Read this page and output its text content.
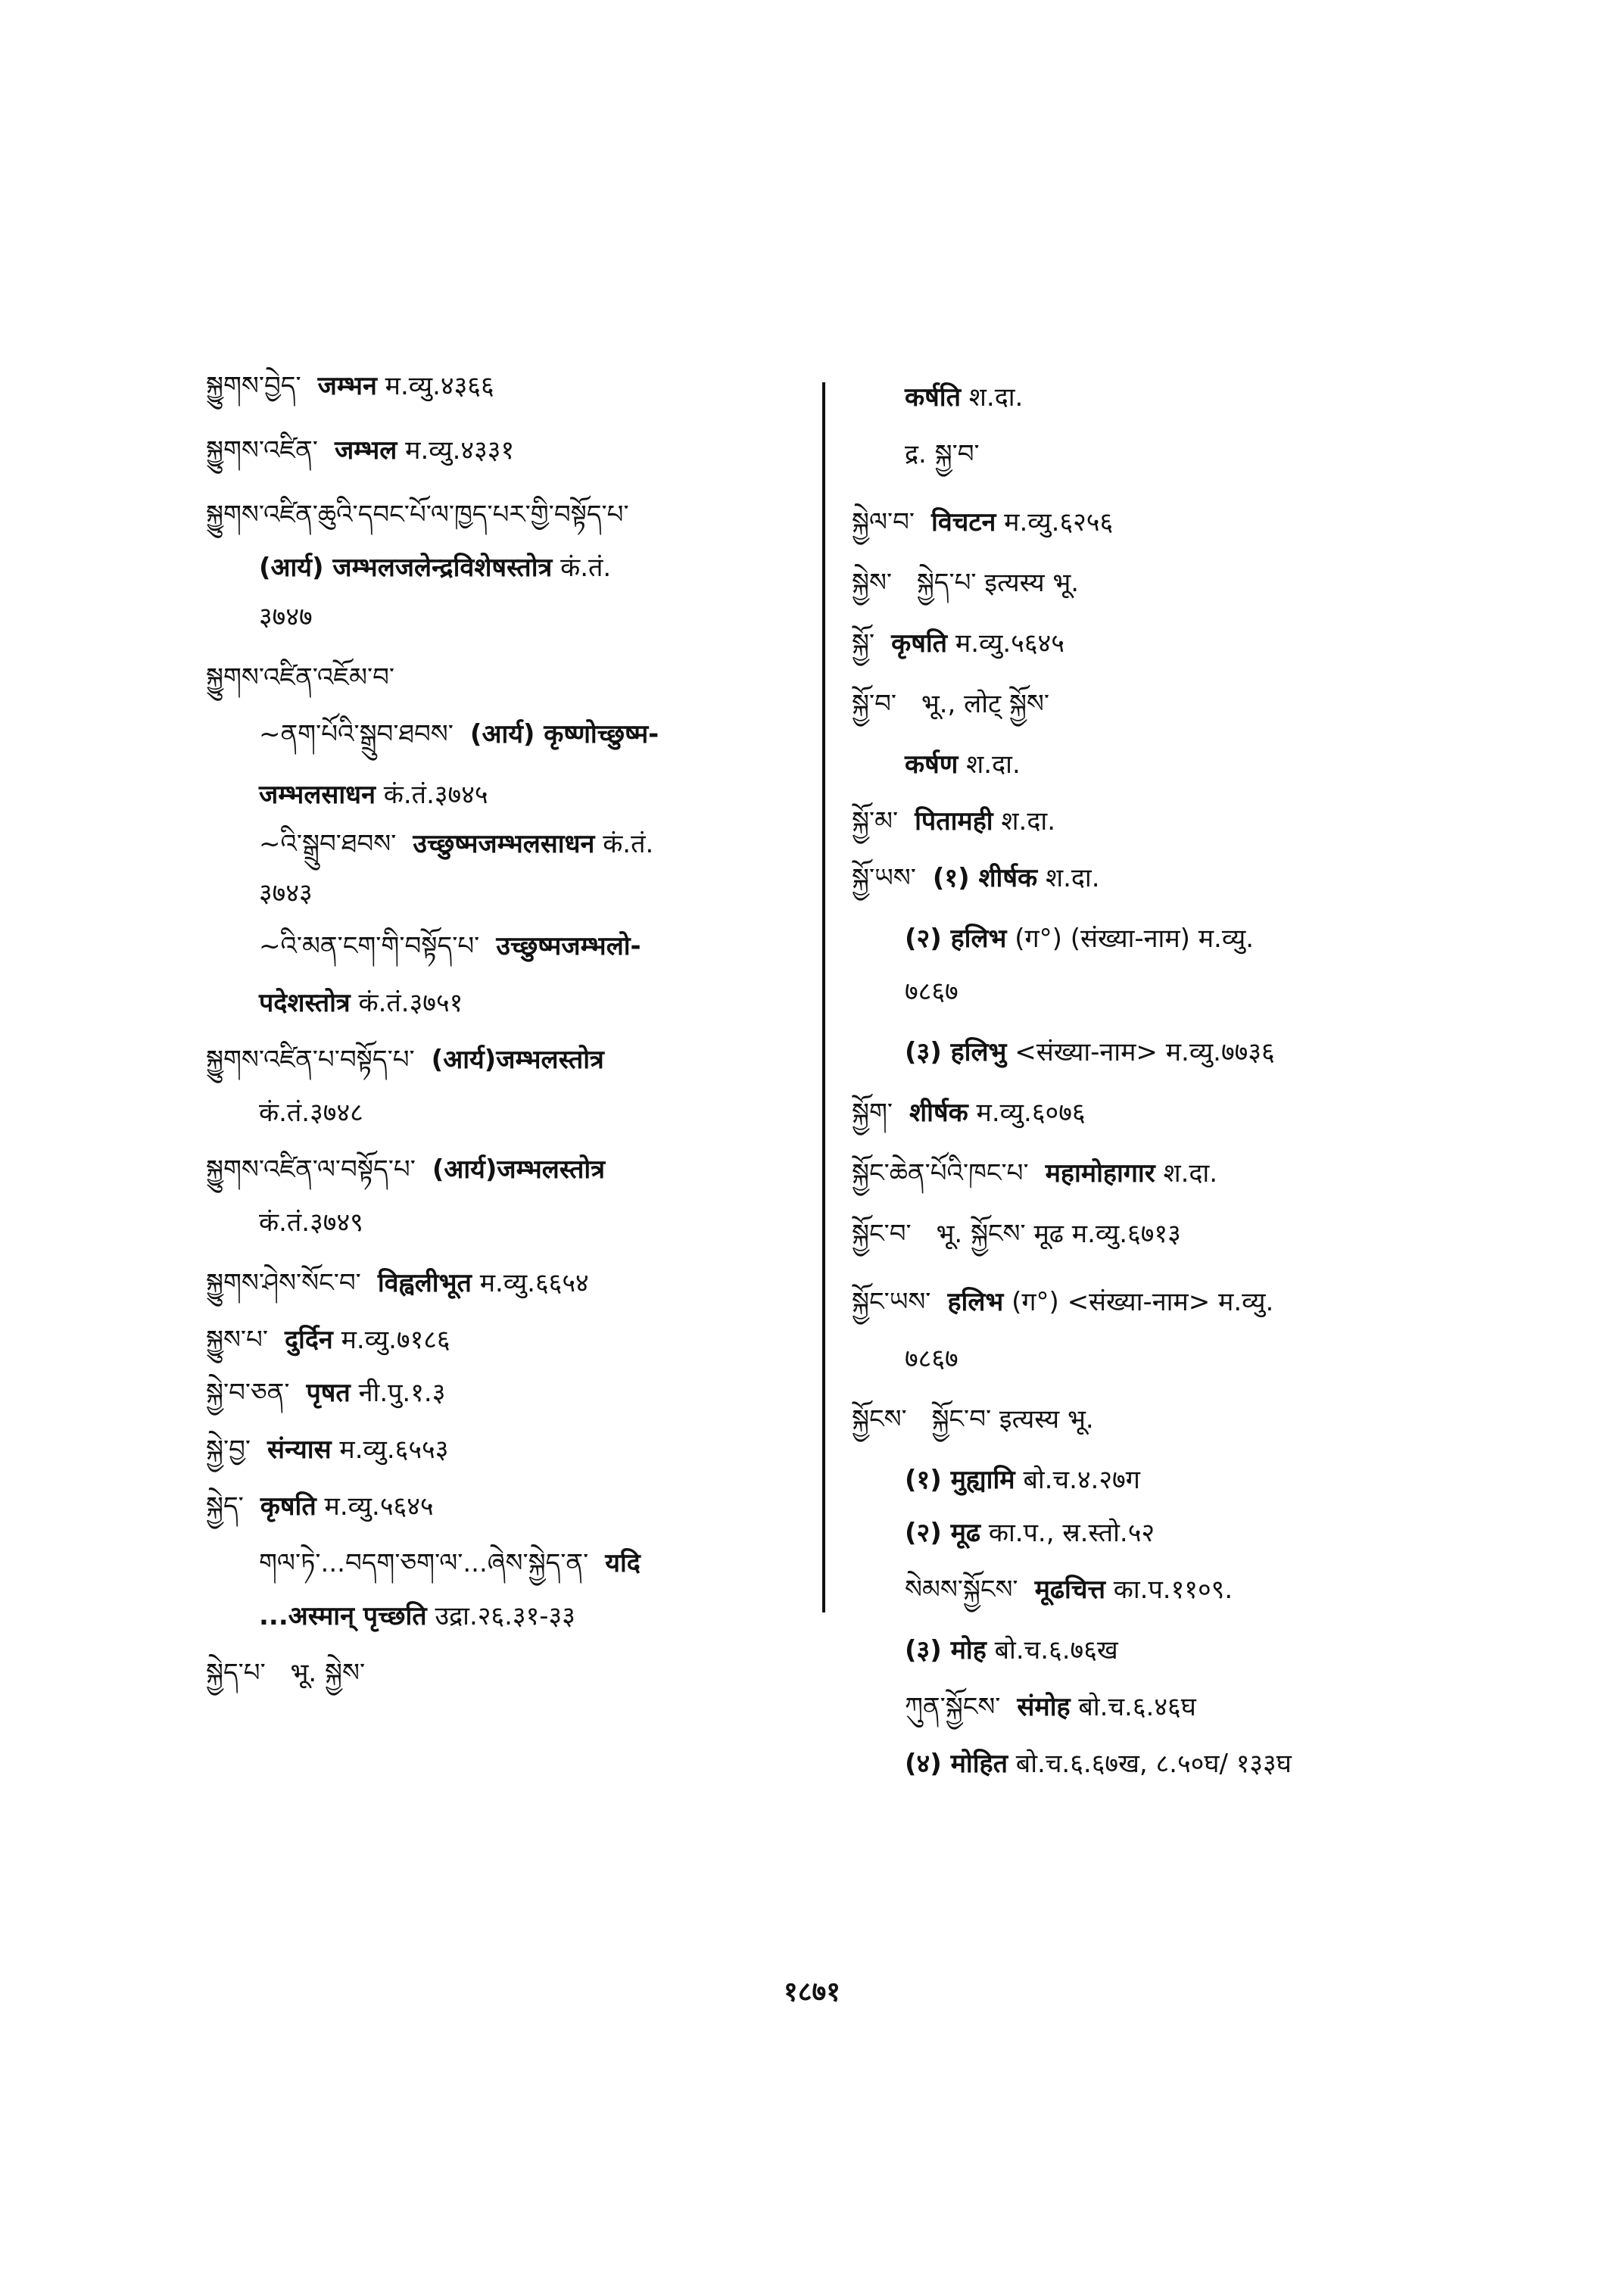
སྐྱུགས་བྱེད་ जम्भन म.व्यु.४३६६
སྐྱུགས་འཛིན་ जम्भल म.व्यु.४३३१
སྐྱུགས་འཛིན་ཆུའི་དབང་པོ་ལ་ཁྱད་པར་གྱི་བསྟོད་པ་
(आर्य) जम्भलजलेन्द्रविशेषस्तोत्र कं.तं.
३७४७
སྐྱུགས་འཛིན་འཇོམ་བ་
~ནག་པོའི་སྒྲུབ་ཐབས་ (आर्य) कृष्णोच्छुष्म-
जम्भलसाधन कं.तं.३७४५
~འི་སྒྲུབ་ཐབས་ उच्छुष्मजम्भलसाधन कं.तं.
३७४३
~འི་མན་ངག་གི་བསྟོད་པ་ उच्छुष्मजम्भलो-
पदेशस्तोत्र कं.तं.३७५१
སྐྱུགས་འཛིན་པ་བསྟོད་པ་ (आर्य)जम्भलस्तोत्र
कं.तं.३७४८
སྐྱུགས་འཛིན་ལ་བསྟོད་པ་ (आर्य)जम्भलस्तोत्र
कं.तं.३७४९
སྐྱུགས་ཤེས་སོང་བ་ विह्वलीभूत म.व्यु.६६५४
སྐྱུས་པ་ दुर्दिन म.व्यु.७१८६
སྐྱེ་བ་ཅན་ पृषत नी.पु.१.३
སྐྱེ་བྱ་ संन्यास म.व्यु.६५५३
སྐྱེད་ कृषति म.व्यु.५६४५
གལ་ཏེ་...བདག་ཅག་ལ་...ཞེས་སྐྱེད་ན་ यदि
...अस्मान् पृच्छति उद्रा.२६.३१-३३
སྐྱེད་པ་ भू. སྐྱེས་
कर्षति श.दा.
द्र. སྐྱ་བ་
སྐྱེལ་བ་ विचटन म.व्यु.६२५६
སྐྱེས་ སྐྱེད་པ་ इत्यस्य भू.
སྐྱོ་ कृषति म.व्यु.५६४५
སྐྱོ་བ་ भू., लोट् སྐྱོས་
कर्षण श.दा.
སྐྱོ་མ་ पितामही श.दा.
སྐྱོ་ཡས་ (१) शीर्षक श.दा.
(२) हलिभ (ग°) (संख्या-नाम) म.व्यु.
७८६७
(३) हलिभु <संख्या-नाम> म.व्यु.७७३६
སྐྱོག་ शीर्षक म.व्यु.६०७६
སྐྱོང་ཆེན་པོའི་ཁང་པ་ महामोहागार श.दा.
སྐྱོང་བ་ भू. སྐྱོངས་ मूढ म.व्यु.६७१३
སྐྱོང་ཡས་ हलिभ (ग°) <संख्या-नाम> म.व्यु.
७८६७
སྐྱོངས་ སྐྱོང་བ་ इत्यस्य भू.
(१) मुह्यामि बो.च.४.२७ग
(२) मूढ का.प., स्र.स्तो.५२
སེམས་སྐྱོངས་ मूढचित्त का.प.११०९.
(३) मोह बो.च.६.७६ख
ཀུན་སྐྱོངས་ संमोह बो.च.६.४६घ
(४) मोहित बो.च.६.६७ख, ८.५०घ/ १३३घ
१८७१
